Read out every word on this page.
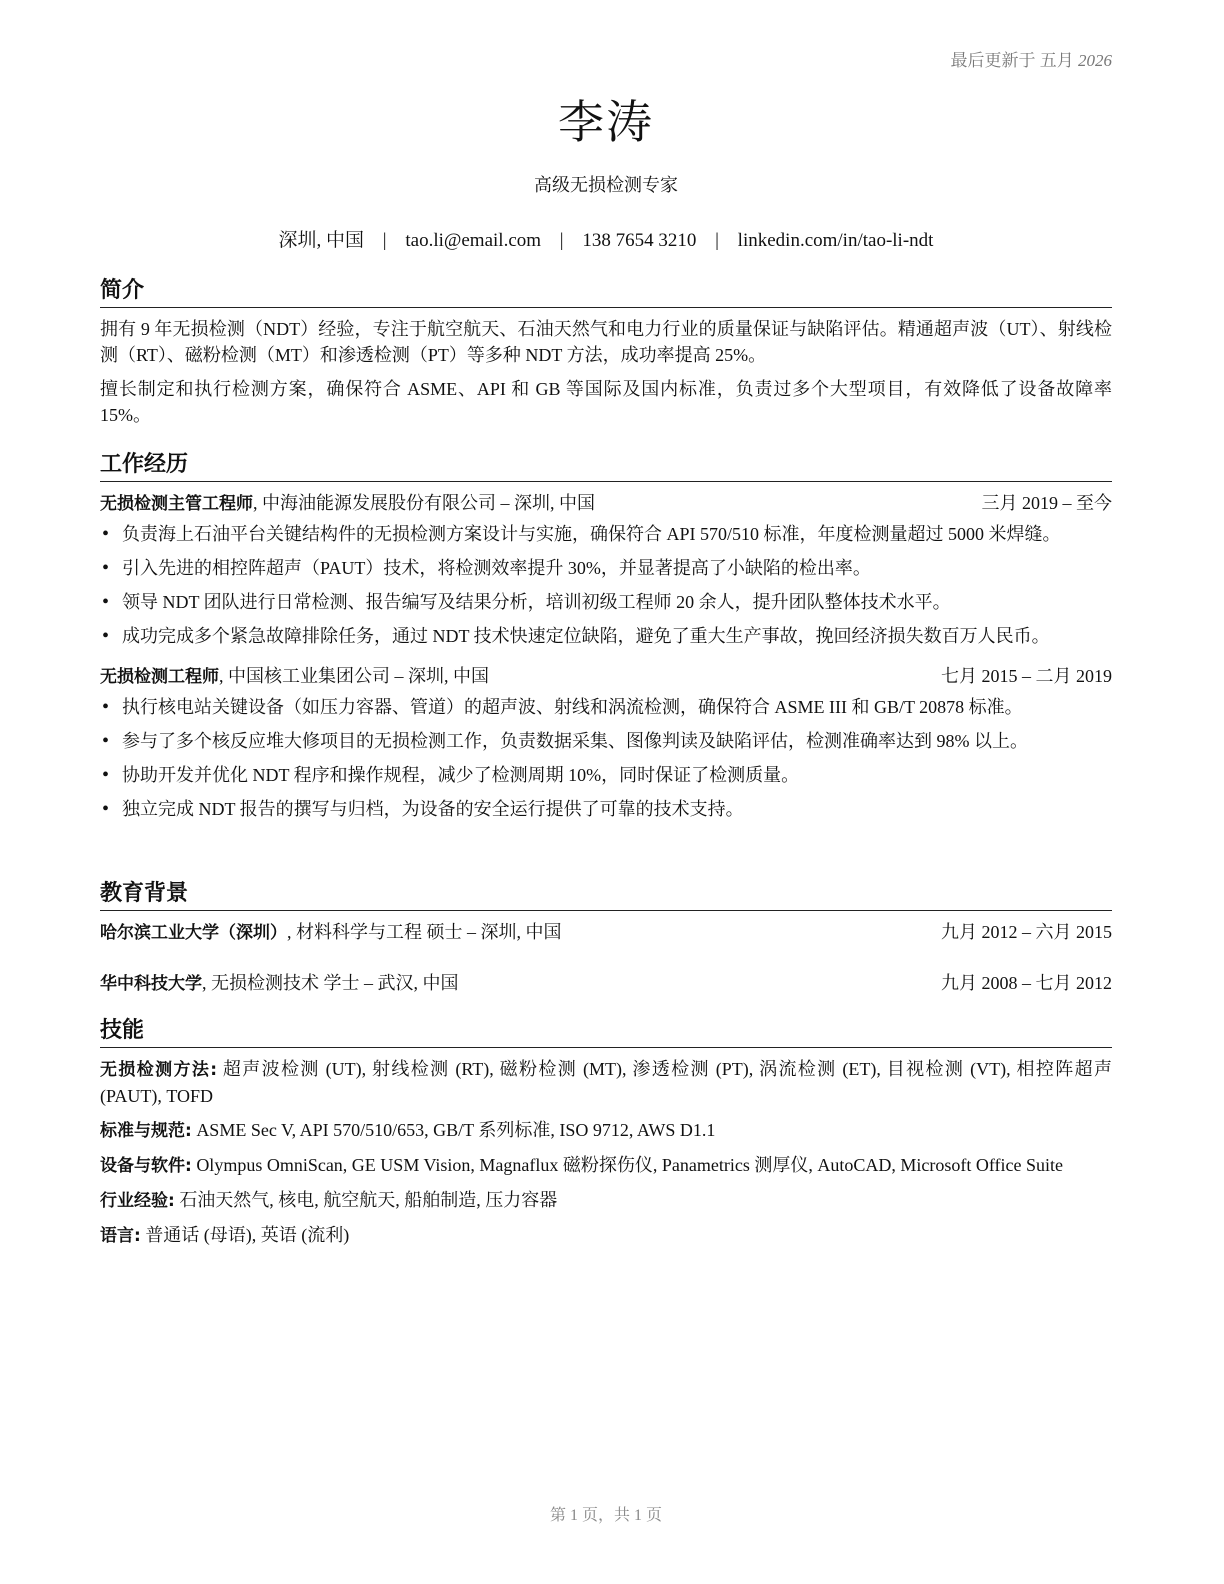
最后更新于 五月 2026
李涛
高级无损检测专家
深圳, 中国 | tao.li@email.com | 138 7654 3210 | linkedin.com/in/tao-li-ndt
简介

拥有 9 年无损检测（NDT）经验，专注于航空航天、石油天然气和电力行业的质量保证与缺陷评估。精通超声波（UT）、射线检测（RT）、磁粉检测（MT）和渗透检测（PT）等多种 NDT 方法，成功率提高 25%。

擅长制定和执行检测方案，确保符合 ASME、API 和 GB 等国际及国内标准，负责过多个大型项目，有效降低了设备故障率 15%。

工作经历
无损检测主管工程师, 中海油能源发展股份有限公司 – 深圳, 中国	三月 2019 – 至今
• 负责海上石油平台关键结构件的无损检测方案设计与实施，确保符合 API 570/510 标准，年度检测量超过 5000 米焊缝。
• 引入先进的相控阵超声（PAUT）技术，将检测效率提升 30%，并显著提高了小缺陷的检出率。
• 领导 NDT 团队进行日常检测、报告编写及结果分析，培训初级工程师 20 余人，提升团队整体技术水平。
• 成功完成多个紧急故障排除任务，通过 NDT 技术快速定位缺陷，避免了重大生产事故，挽回经济损失数百万人民币。
无损检测工程师, 中国核工业集团公司 – 深圳, 中国	七月 2015 – 二月 2019
• 执行核电站关键设备（如压力容器、管道）的超声波、射线和涡流检测，确保符合 ASME III 和 GB/T 20878 标准。
• 参与了多个核反应堆大修项目的无损检测工作，负责数据采集、图像判读及缺陷评估，检测准确率达到 98% 以上。
• 协助开发并优化 NDT 程序和操作规程，减少了检测周期 10%，同时保证了检测质量。
• 独立完成 NDT 报告的撰写与归档，为设备的安全运行提供了可靠的技术支持。
教育背景
哈尔滨工业大学（深圳）, 材料科学与工程 硕士 – 深圳, 中国	九月 2012 – 六月 2015
华中科技大学, 无损检测技术 学士 – 武汉, 中国	九月 2008 – 七月 2012
技能
无损检测方法: 超声波检测 (UT), 射线检测 (RT), 磁粉检测 (MT), 渗透检测 (PT), 涡流检测 (ET), 目视检测 (VT), 相控阵超声 (PAUT), TOFD
标准与规范: ASME Sec V, API 570/510/653, GB/T 系列标准, ISO 9712, AWS D1.1
设备与软件: Olympus OmniScan, GE USM Vision, Magnaflux 磁粉探伤仪, Panametrics 测厚仪, AutoCAD, Microsoft Office Suite
行业经验: 石油天然气, 核电, 航空航天, 船舶制造, 压力容器
语言: 普通话 (母语), 英语 (流利)
第 1 页，共 1 页
